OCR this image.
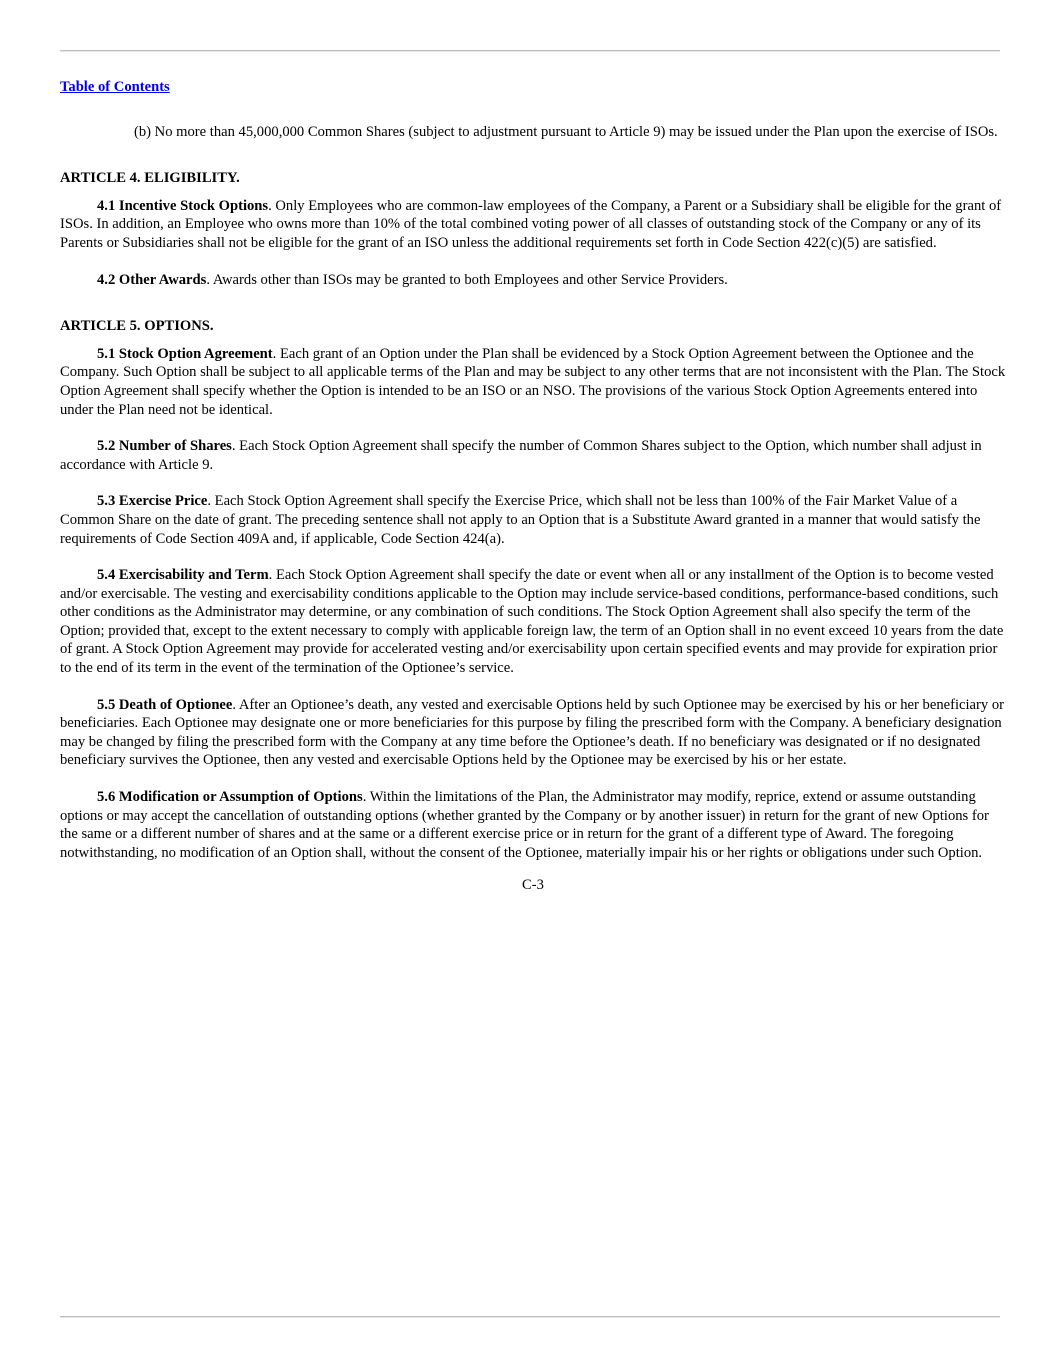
Table of Contents

(b) No more than 45,000,000 Common Shares (subject to adjustment pursuant to Article 9) may be issued under the Plan upon the exercise of ISOs.

ARTICLE 4. ELIGIBILITY.

4.1 Incentive Stock Options. Only Employees who are common-law employees of the Company, a Parent or a Subsidiary shall be eligible for the grant of ISOs. In addition, an Employee who owns more than 10% of the total combined voting power of all classes of outstanding stock of the Company or any of its Parents or Subsidiaries shall not be eligible for the grant of an ISO unless the additional requirements set forth in Code Section 422(c)(5) are satisfied.

4.2 Other Awards. Awards other than ISOs may be granted to both Employees and other Service Providers.

ARTICLE 5. OPTIONS.

5.1 Stock Option Agreement. Each grant of an Option under the Plan shall be evidenced by a Stock Option Agreement between the Optionee and the Company. Such Option shall be subject to all applicable terms of the Plan and may be subject to any other terms that are not inconsistent with the Plan. The Stock Option Agreement shall specify whether the Option is intended to be an ISO or an NSO. The provisions of the various Stock Option Agreements entered into under the Plan need not be identical.

5.2 Number of Shares. Each Stock Option Agreement shall specify the number of Common Shares subject to the Option, which number shall adjust in accordance with Article 9.

5.3 Exercise Price. Each Stock Option Agreement shall specify the Exercise Price, which shall not be less than 100% of the Fair Market Value of a Common Share on the date of grant. The preceding sentence shall not apply to an Option that is a Substitute Award granted in a manner that would satisfy the requirements of Code Section 409A and, if applicable, Code Section 424(a).

5.4 Exercisability and Term. Each Stock Option Agreement shall specify the date or event when all or any installment of the Option is to become vested and/or exercisable. The vesting and exercisability conditions applicable to the Option may include service-based conditions, performance-based conditions, such other conditions as the Administrator may determine, or any combination of such conditions. The Stock Option Agreement shall also specify the term of the Option; provided that, except to the extent necessary to comply with applicable foreign law, the term of an Option shall in no event exceed 10 years from the date of grant. A Stock Option Agreement may provide for accelerated vesting and/or exercisability upon certain specified events and may provide for expiration prior to the end of its term in the event of the termination of the Optionee’s service.

5.5 Death of Optionee. After an Optionee’s death, any vested and exercisable Options held by such Optionee may be exercised by his or her beneficiary or beneficiaries. Each Optionee may designate one or more beneficiaries for this purpose by filing the prescribed form with the Company. A beneficiary designation may be changed by filing the prescribed form with the Company at any time before the Optionee’s death. If no beneficiary was designated or if no designated beneficiary survives the Optionee, then any vested and exercisable Options held by the Optionee may be exercised by his or her estate.

5.6 Modification or Assumption of Options. Within the limitations of the Plan, the Administrator may modify, reprice, extend or assume outstanding options or may accept the cancellation of outstanding options (whether granted by the Company or by another issuer) in return for the grant of new Options for the same or a different number of shares and at the same or a different exercise price or in return for the grant of a different type of Award. The foregoing notwithstanding, no modification of an Option shall, without the consent of the Optionee, materially impair his or her rights or obligations under such Option.

C-3
